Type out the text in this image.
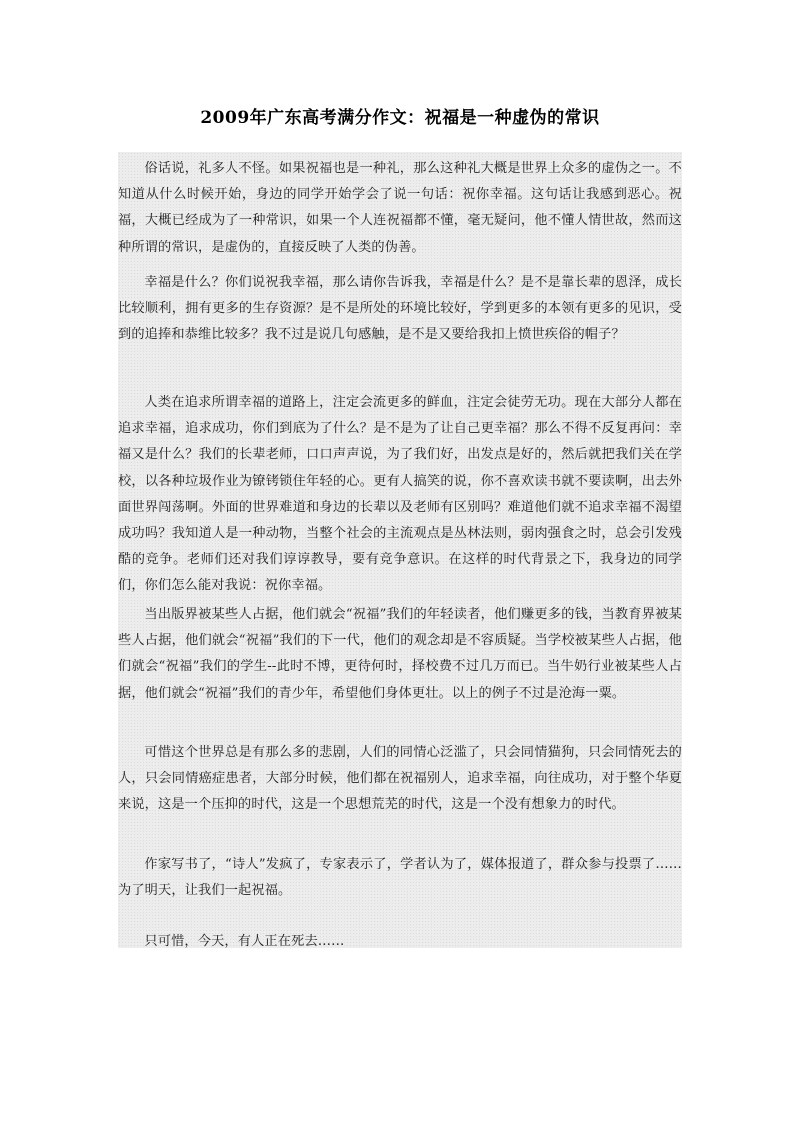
2009年广东高考满分作文：祝福是一种虚伪的常识

俗话说，礼多人不怪。如果祝福也是一种礼，那么这种礼大概是世界上众多的虚伪之一。不知道从什么时候开始，身边的同学开始学会了说一句话：祝你幸福。这句话让我感到恶心。祝福，大概已经成为了一种常识，如果一个人连祝福都不懂，毫无疑问，他不懂人情世故，然而这种所谓的常识，是虚伪的，直接反映了人类的伪善。

幸福是什么？你们说祝我幸福，那么请你告诉我，幸福是什么？是不是靠长辈的恩泽，成长比较顺利，拥有更多的生存资源？是不是所处的环境比较好，学到更多的本领有更多的见识，受到的追捧和恭维比较多？我不过是说几句感触，是不是又要给我扣上愤世疾俗的帽子？

人类在追求所谓幸福的道路上，注定会流更多的鲜血，注定会徒劳无功。现在大部分人都在追求幸福，追求成功，你们到底为了什么？是不是为了让自己更幸福？那么不得不反复再问：幸福又是什么？我们的长辈老师，口口声声说，为了我们好，出发点是好的，然后就把我们关在学校，以各种垃圾作业为镣铐锁住年轻的心。更有人搞笑的说，你不喜欢读书就不要读啊，出去外面世界闯荡啊。外面的世界难道和身边的长辈以及老师有区别吗？难道他们就不追求幸福不渴望成功吗？我知道人是一种动物，当整个社会的主流观点是丛林法则，弱肉强食之时，总会引发残酷的竞争。老师们还对我们谆谆教导，要有竞争意识。在这样的时代背景之下，我身边的同学们，你们怎么能对我说：祝你幸福。

当出版界被某些人占据，他们就会“祝福”我们的年轻读者，他们赚更多的钱，当教育界被某些人占据，他们就会“祝福”我们的下一代，他们的观念却是不容质疑。当学校被某些人占据，他们就会“祝福”我们的学生--此时不博，更待何时，择校费不过几万而已。当牛奶行业被某些人占据，他们就会“祝福”我们的青少年，希望他们身体更壮。以上的例子不过是沧海一粟。

可惜这个世界总是有那么多的悲剧，人们的同情心泛滥了，只会同情猫狗，只会同情死去的人，只会同情癌症患者，大部分时候，他们都在祝福别人，追求幸福，向往成功，对于整个华夏来说，这是一个压抑的时代，这是一个思想荒芜的时代，这是一个没有想象力的时代。

作家写书了，“诗人”发疯了，专家表示了，学者认为了，媒体报道了，群众参与投票了……为了明天，让我们一起祝福。

只可惜，今天，有人正在死去……
